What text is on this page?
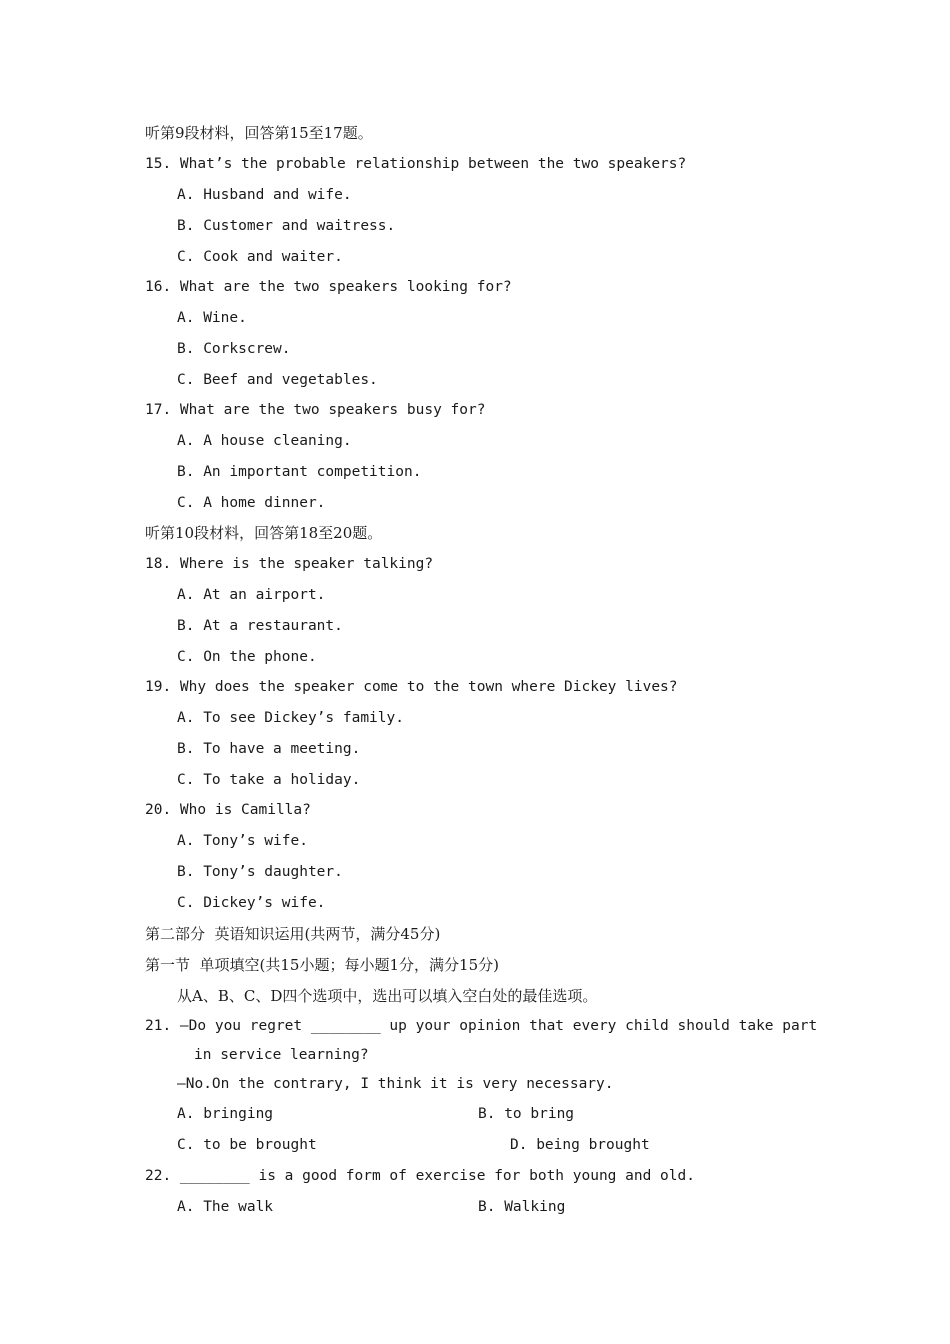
听第9段材料，回答第15至17题。
15. What’s the probable relationship between the two speakers?
A. Husband and wife.
B. Customer and waitress.
C. Cook and waiter.
16. What are the two speakers looking for?
A. Wine.
B. Corkscrew.
C. Beef and vegetables.
17. What are the two speakers busy for?
A. A house cleaning.
B. An important competition.
C. A home dinner.
听第10段材料，回答第18至20题。
18. Where is the speaker talking?
A. At an airport.
B. At a restaurant.
C. On the phone.
19. Why does the speaker come to the town where Dickey lives?
A. To see Dickey’s family.
B. To have a meeting.
C. To take a holiday.
20. Who is Camilla?
A. Tony’s wife.
B. Tony’s daughter.
C. Dickey’s wife.
第二部分  英语知识运用(共两节，满分45分)
第一节  单项填空(共15小题；每小题1分，满分15分)
从A、B、C、D四个选项中，选出可以填入空白处的最佳选项。
21. —Do you regret ________ up your opinion that every child should take part
in service learning?
—No.On the contrary, I think it is very necessary.
A. bringing	B. to bring
C. to be brought	D. being brought
22. ________ is a good form of exercise for both young and old.
A. The walk	B. Walking
